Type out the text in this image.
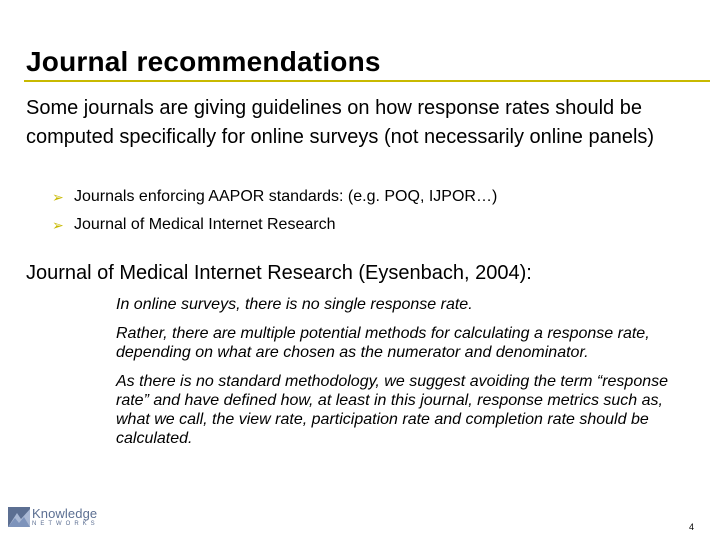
Journal recommendations

Some journals are giving guidelines on how response rates should be computed specifically for online surveys (not necessarily online panels)

➢ Journals enforcing AAPOR standards: (e.g. POQ, IJPOR…)
➢ Journal of Medical Internet Research

Journal of Medical Internet Research (Eysenbach, 2004):

In online surveys, there is no single response rate.

Rather, there are multiple potential methods for calculating a response rate, depending on what are chosen as the numerator and denominator.

As there is no standard methodology, we suggest avoiding the term “response rate” and have defined how, at least in this journal, response metrics such as, what we call, the view rate, participation rate and completion rate should be calculated.

Knowledge
NETWORKS	4
